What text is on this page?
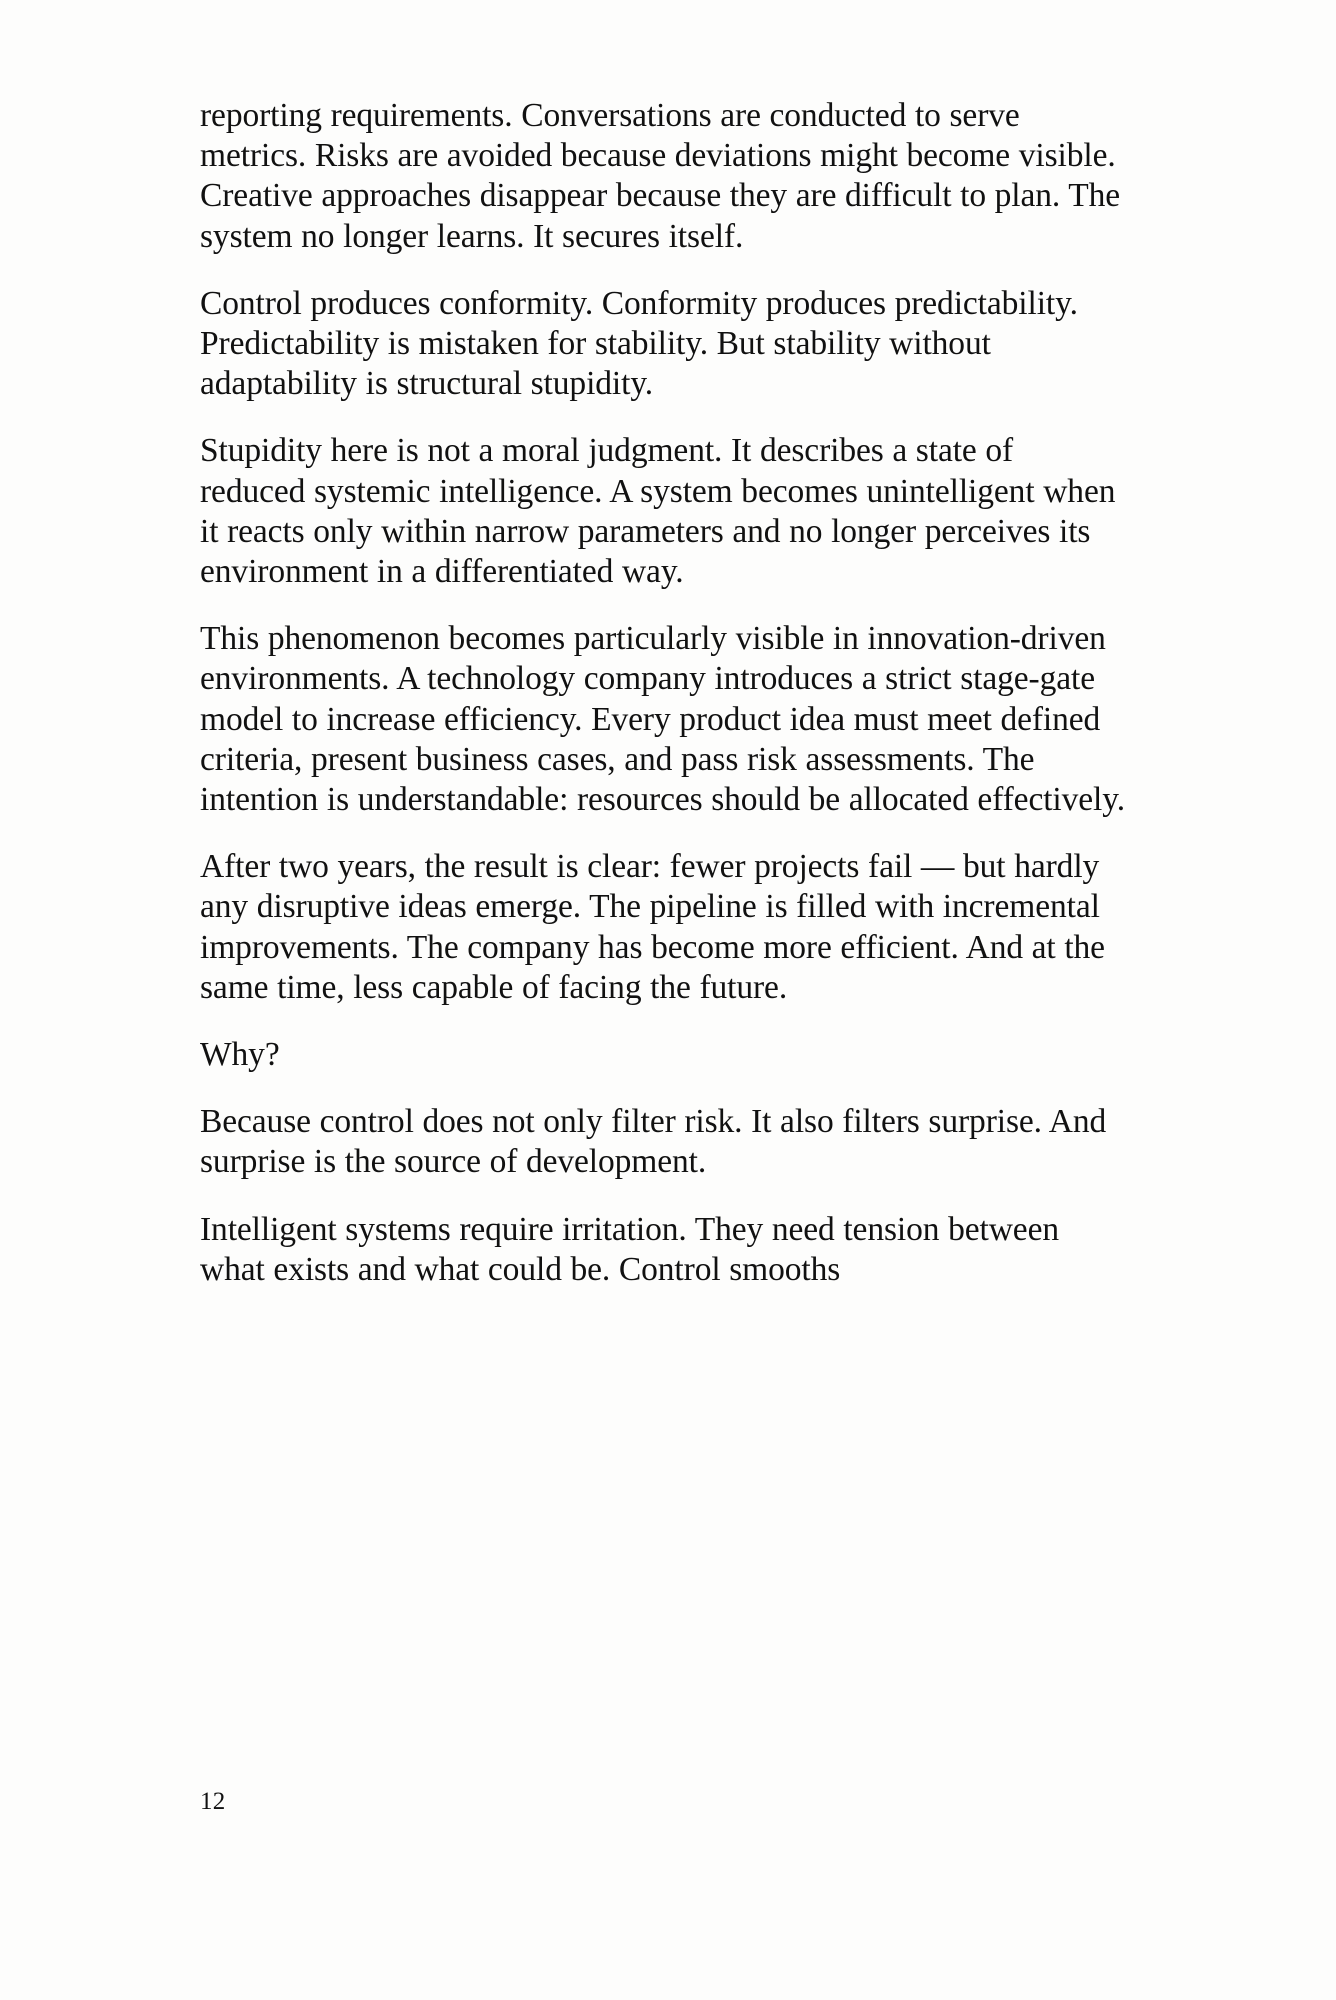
reporting requirements. Conversations are conducted to serve metrics. Risks are avoided because deviations might become visible. Creative approaches disappear because they are difficult to plan. The system no longer learns. It secures itself.

Control produces conformity. Conformity produces predictability. Predictability is mistaken for stability. But stability without adaptability is structural stupidity.

Stupidity here is not a moral judgment. It describes a state of reduced systemic intelligence. A system becomes unintelligent when it reacts only within narrow parameters and no longer perceives its environment in a differentiated way.

This phenomenon becomes particularly visible in innovation-driven environments. A technology company introduces a strict stage-gate model to increase efficiency. Every product idea must meet defined criteria, present business cases, and pass risk assessments. The intention is understandable: resources should be allocated effectively.

After two years, the result is clear: fewer projects fail — but hardly any disruptive ideas emerge. The pipeline is filled with incremental improvements. The company has become more efficient. And at the same time, less capable of facing the future.

Why?

Because control does not only filter risk. It also filters surprise. And surprise is the source of development.

Intelligent systems require irritation. They need tension between what exists and what could be. Control smooths

12
